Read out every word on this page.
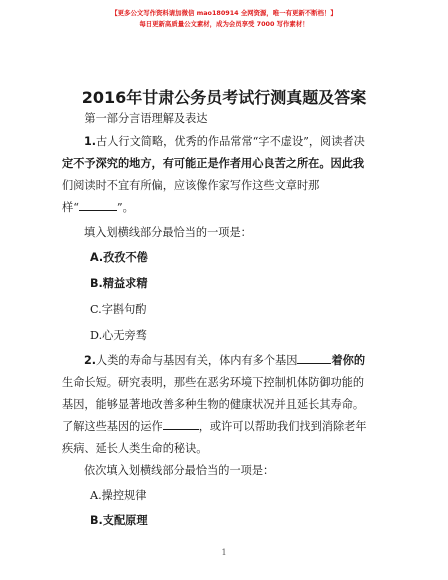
【更多公文写作资料请加微信 mao180914 全网资源，唯一有更新不断档！】
每日更新高质量公文素材，成为会员享受 7000 写作素材！
2016年甘肃公务员考试行测真题及答案
第一部分言语理解及表达
1.古人行文简略，优秀的作品常常“字不虚设”，阅读者决
定不予深究的地方，有可能正是作者用心良苦之所在。因此我
们阅读时不宜有所偏，应该像作家写作这些文章时那
样“	”。
填入划横线部分最恰当的一项是：
A.孜孜不倦
B.精益求精
C.字斟句酌
D.心无旁骛
2.人类的寿命与基因有关，体内有多个基因	着你的
生命长短。研究表明，那些在恶劣环境下控制机体防御功能的
基因，能够显著地改善多种生物的健康状况并且延长其寿命。
了解这些基因的运作	，或许可以帮助我们找到消除老年
疾病、延长人类生命的秘诀。
依次填入划横线部分最恰当的一项是：
A.操控规律
B.支配原理
1
